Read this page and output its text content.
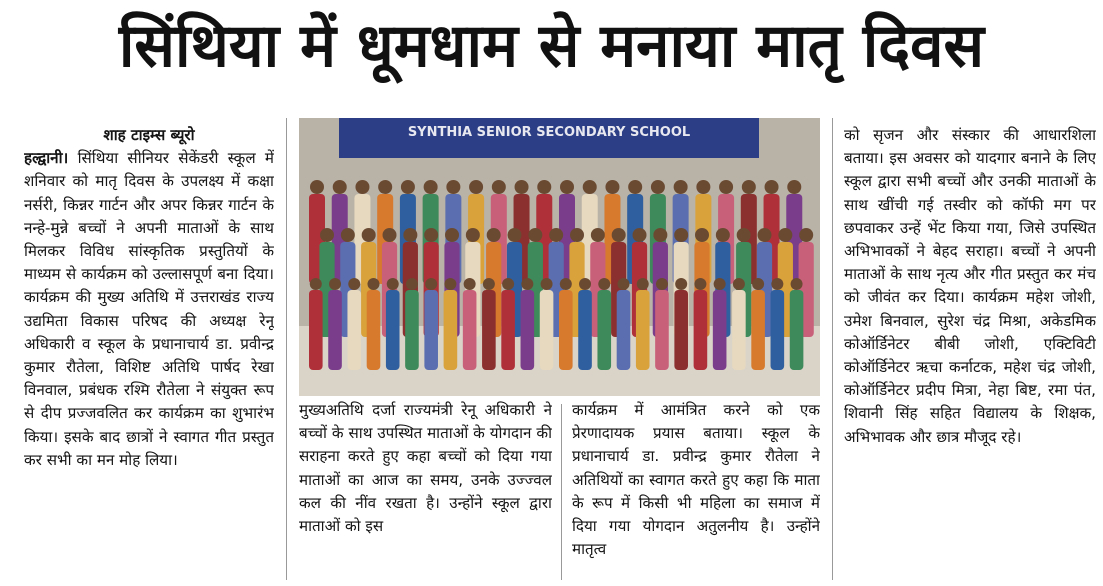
सिंथिया में धूमधाम से मनाया मातृ दिवस

शाह टाइम्स ब्यूरो

हल्द्वानी। सिंथिया सीनियर सेकेंडरी स्कूल में शनिवार को मातृ दिवस के उपलक्ष्य में कक्षा नर्सरी, किन्नर गार्टन और अपर किन्नर गार्टन के नन्हे-मुन्ने बच्चों ने अपनी माताओं के साथ मिलकर विविध सांस्कृतिक प्रस्तुतियों के माध्यम से कार्यक्रम को उल्लासपूर्ण बना दिया। कार्यक्रम की मुख्य अतिथि में उत्तराखंड राज्य उद्यमिता विकास परिषद की अध्यक्ष रेनू अधिकारी व स्कूल के प्रधानाचार्य डा. प्रवीन्द्र कुमार रौतेला, विशिष्ट अतिथि पार्षद रेखा विनवाल, प्रबंधक रश्मि रौतेला ने संयुक्त रूप से दीप प्रज्जवलित कर कार्यक्रम का शुभारंभ किया। इसके बाद छात्रों ने स्वागत गीत प्रस्तुत कर सभी का मन मोह लिया।

SYNTHIA SENIOR SECONDARY SCHOOL

मुख्यअतिथि दर्जा राज्यमंत्री रेनू अधिकारी ने बच्चों के साथ उपस्थित माताओं के योगदान की सराहना करते हुए कहा बच्चों को दिया गया माताओं का आज का समय, उनके उज्ज्वल कल की नींव रखता है। उन्होंने स्कूल द्वारा माताओं को इस

कार्यक्रम में आमंत्रित करने को एक प्रेरणादायक प्रयास बताया। स्कूल के प्रधानाचार्य डा. प्रवीन्द्र कुमार रौतेला ने अतिथियों का स्वागत करते हुए कहा कि माता के रूप में किसी भी महिला का समाज में दिया गया योगदान अतुलनीय है। उन्होंने मातृत्व

को सृजन और संस्कार की आधारशिला बताया। इस अवसर को यादगार बनाने के लिए स्कूल द्वारा सभी बच्चों और उनकी माताओं के साथ खींची गई तस्वीर को कॉफी मग पर छपवाकर उन्हें भेंट किया गया, जिसे उपस्थित अभिभावकों ने बेहद सराहा। बच्चों ने अपनी माताओं के साथ नृत्य और गीत प्रस्तुत कर मंच को जीवंत कर दिया। कार्यक्रम महेश जोशी, उमेश बिनवाल, सुरेश चंद्र मिश्रा, अकेडमिक कोऑर्डिनेटर बीबी जोशी, एक्टिविटी कोऑर्डिनेटर ऋचा कर्नाटक, महेश चंद्र जोशी, कोऑर्डिनेटर प्रदीप मित्रा, नेहा बिष्ट, रमा पंत, शिवानी सिंह सहित विद्यालय के शिक्षक, अभिभावक और छात्र मौजूद रहे।
